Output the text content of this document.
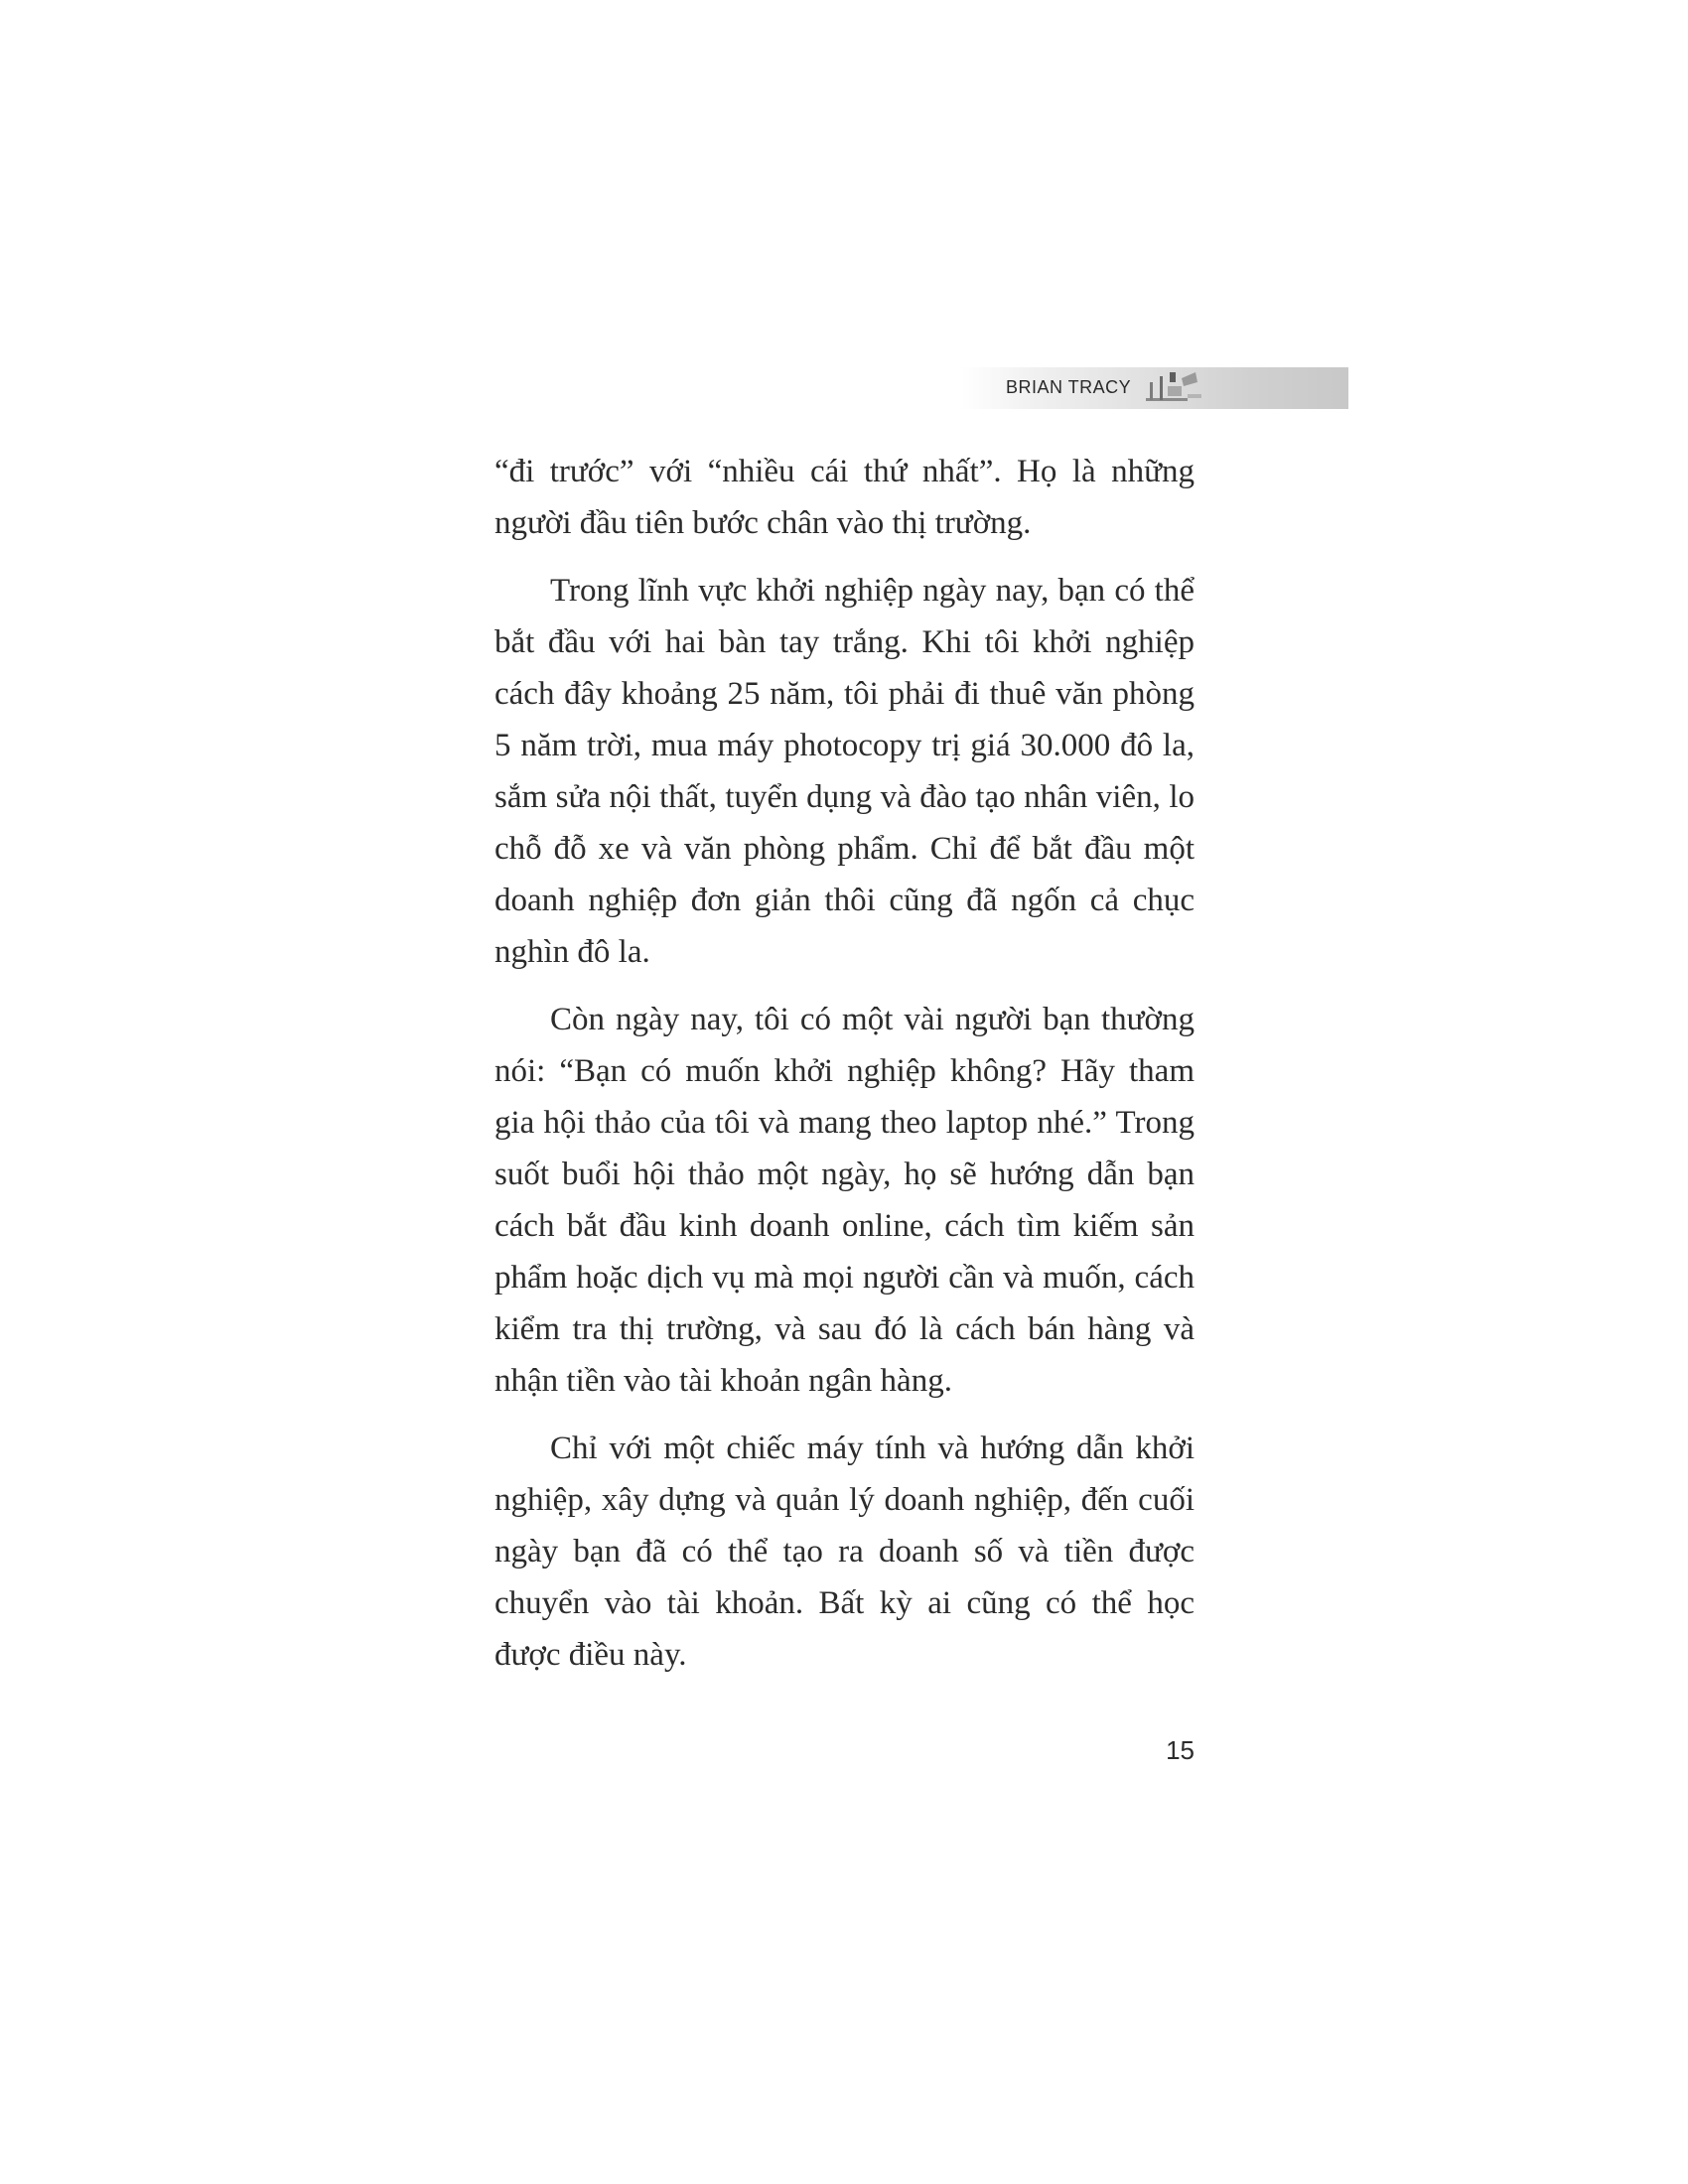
BRIAN TRACY

“đi trước” với “nhiều cái thứ nhất”. Họ là những người đầu tiên bước chân vào thị trường.

Trong lĩnh vực khởi nghiệp ngày nay, bạn có thể bắt đầu với hai bàn tay trắng. Khi tôi khởi nghiệp cách đây khoảng 25 năm, tôi phải đi thuê văn phòng 5 năm trời, mua máy photocopy trị giá 30.000 đô la, sắm sửa nội thất, tuyển dụng và đào tạo nhân viên, lo chỗ đỗ xe và văn phòng phẩm. Chỉ để bắt đầu một doanh nghiệp đơn giản thôi cũng đã ngốn cả chục nghìn đô la.

Còn ngày nay, tôi có một vài người bạn thường nói: “Bạn có muốn khởi nghiệp không? Hãy tham gia hội thảo của tôi và mang theo laptop nhé.” Trong suốt buổi hội thảo một ngày, họ sẽ hướng dẫn bạn cách bắt đầu kinh doanh online, cách tìm kiếm sản phẩm hoặc dịch vụ mà mọi người cần và muốn, cách kiểm tra thị trường, và sau đó là cách bán hàng và nhận tiền vào tài khoản ngân hàng.

Chỉ với một chiếc máy tính và hướng dẫn khởi nghiệp, xây dựng và quản lý doanh nghiệp, đến cuối ngày bạn đã có thể tạo ra doanh số và tiền được chuyển vào tài khoản. Bất kỳ ai cũng có thể học được điều này.

15
